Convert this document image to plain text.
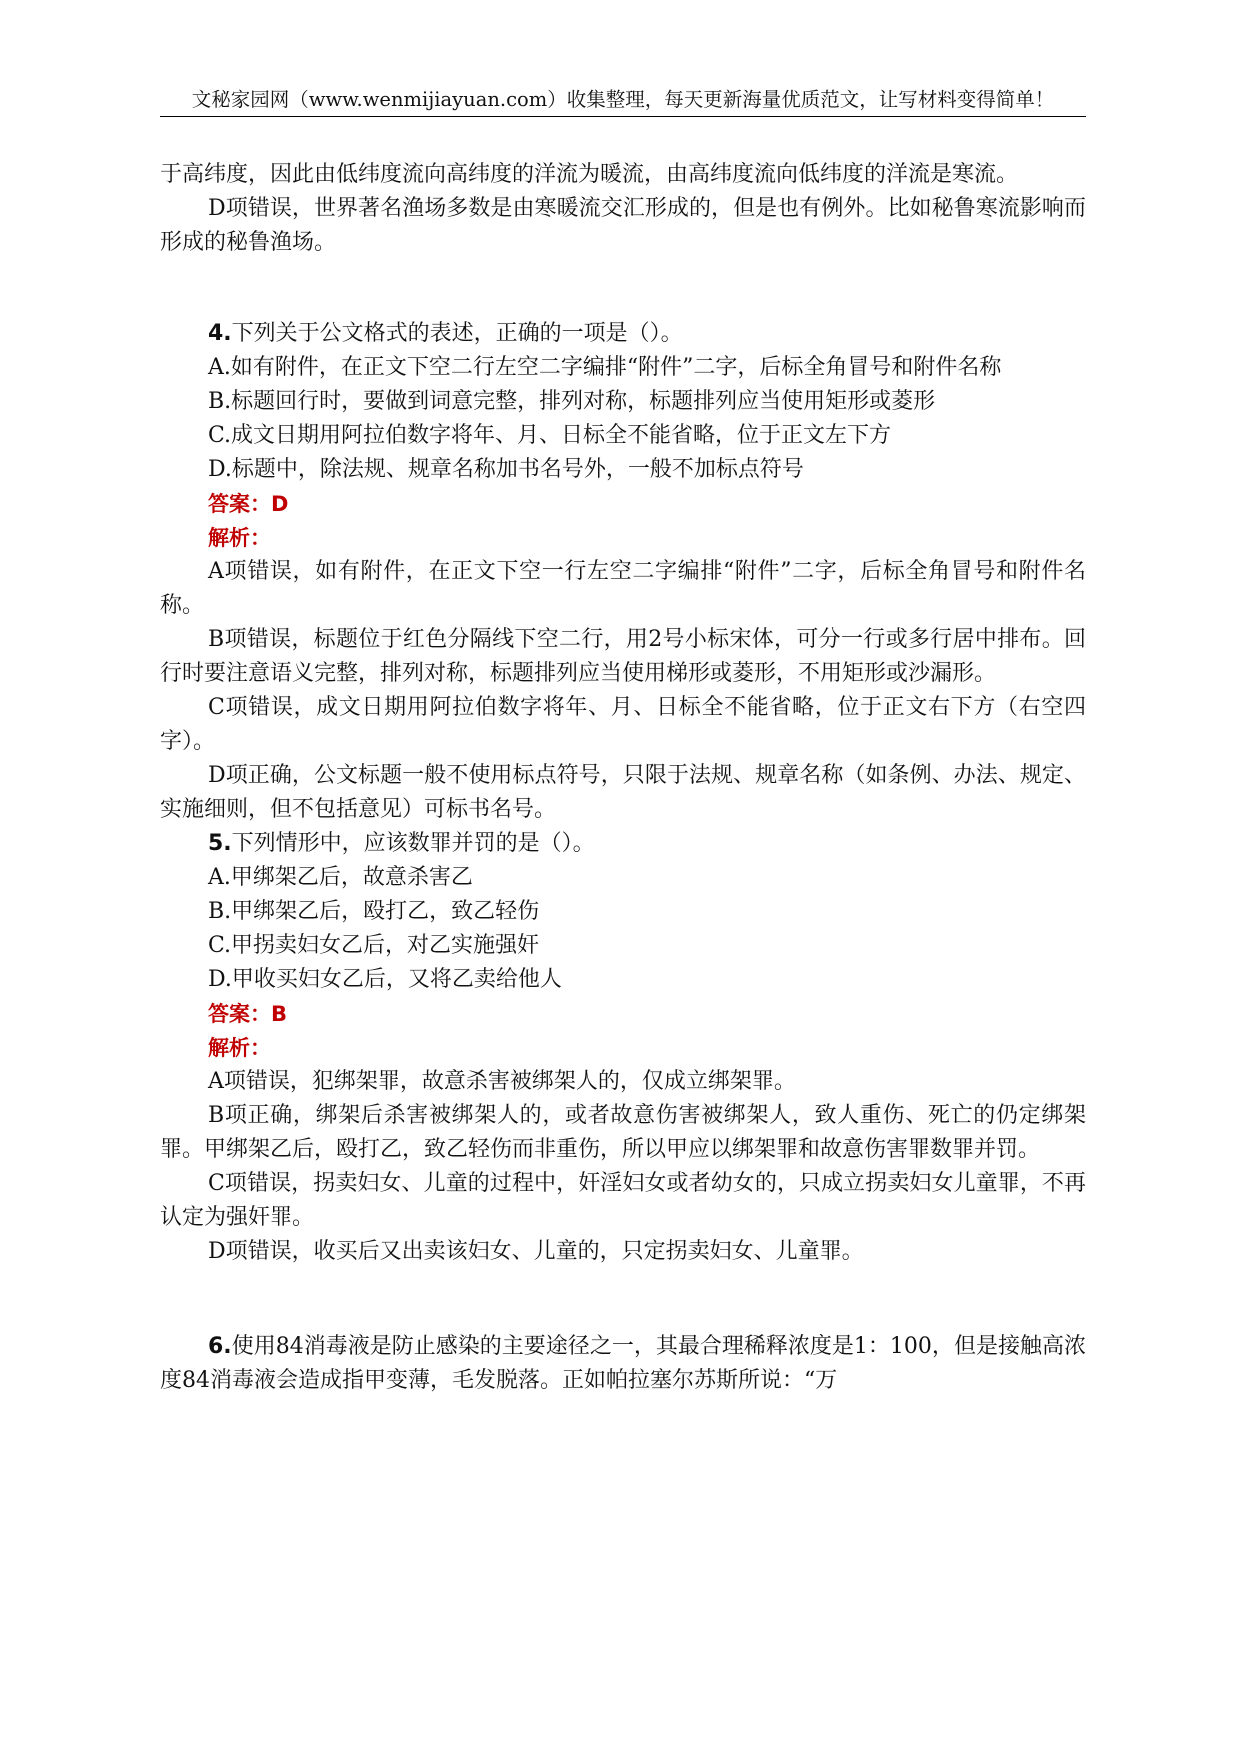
文秘家园网（www.wenmijiayuan.com）收集整理，每天更新海量优质范文，让写材料变得简单！

于高纬度，因此由低纬度流向高纬度的洋流为暖流，由高纬度流向低纬度的洋流是寒流。

D项错误，世界著名渔场多数是由寒暖流交汇形成的，但是也有例外。比如秘鲁寒流影响而形成的秘鲁渔场。

4.下列关于公文格式的表述，正确的一项是（）。

A.如有附件，在正文下空二行左空二字编排“附件”二字，后标全角冒号和附件名称

B.标题回行时，要做到词意完整，排列对称，标题排列应当使用矩形或菱形

C.成文日期用阿拉伯数字将年、月、日标全不能省略，位于正文左下方

D.标题中，除法规、规章名称加书名号外，一般不加标点符号

答案：D

解析：

A项错误，如有附件，在正文下空一行左空二字编排“附件”二字，后标全角冒号和附件名称。

B项错误，标题位于红色分隔线下空二行，用2号小标宋体，可分一行或多行居中排布。回行时要注意语义完整，排列对称，标题排列应当使用梯形或菱形，不用矩形或沙漏形。

C项错误，成文日期用阿拉伯数字将年、月、日标全不能省略，位于正文右下方（右空四字）。

D项正确，公文标题一般不使用标点符号，只限于法规、规章名称（如条例、办法、规定、实施细则，但不包括意见）可标书名号。

5.下列情形中，应该数罪并罚的是（）。

A.甲绑架乙后，故意杀害乙

B.甲绑架乙后，殴打乙，致乙轻伤

C.甲拐卖妇女乙后，对乙实施强奸

D.甲收买妇女乙后，又将乙卖给他人

答案：B

解析：

A项错误，犯绑架罪，故意杀害被绑架人的，仅成立绑架罪。

B项正确，绑架后杀害被绑架人的，或者故意伤害被绑架人，致人重伤、死亡的仍定绑架罪。甲绑架乙后，殴打乙，致乙轻伤而非重伤，所以甲应以绑架罪和故意伤害罪数罪并罚。

C项错误，拐卖妇女、儿童的过程中，奸淫妇女或者幼女的，只成立拐卖妇女儿童罪，不再认定为强奸罪。

D项错误，收买后又出卖该妇女、儿童的，只定拐卖妇女、儿童罪。

6.使用84消毒液是防止感染的主要途径之一，其最合理稀释浓度是1：100，但是接触高浓度84消毒液会造成指甲变薄，毛发脱落。正如帕拉塞尔苏斯所说：“万
